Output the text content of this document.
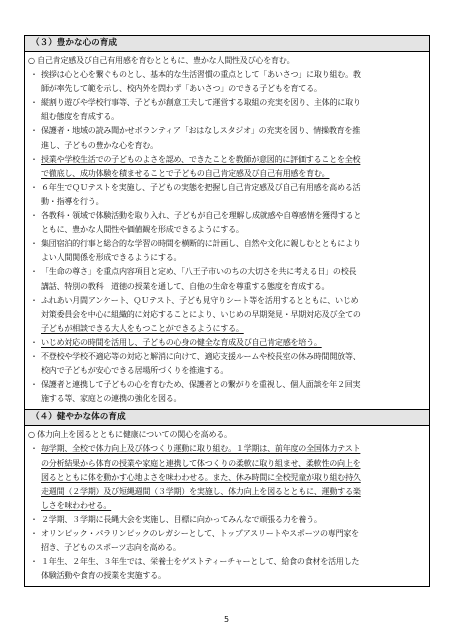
（３）豊かな心の育成
○ 自己肯定感及び自己有用感を育むとともに、豊かな人間性及び心を育む。
・ 挨拶は心と心を繋ぐものとし、基本的な生活習慣の重点として「あいさつ」に取り組む。教
師が率先して範を示し、校内外を問わず「あいさつ」のできる子どもを育てる。
・ 縦割り遊びや学校行事等、子どもが創意工夫して運営する取組の充実を図り、主体的に取り
組む態度を育成する。
・ 保護者・地域の読み聞かせボランティア「おはなしスタジオ」の充実を図り、情操教育を推
進し、子どもの豊かな心を育む。
・ 授業や学校生活での子どものよさを認め、できたことを教師が意図的に評価することを全校
で徹底し、成功体験を積ませることで子どもの自己肯定感及び自己有用感を育む。
・ ６年生でＱＵテストを実施し、子どもの実態を把握し自己肯定感及び自己有用感を高める活
動・指導を行う。
・ 各教科・領域で体験活動を取り入れ、子どもが自己を理解し成就感や自尊感情を獲得すると
ともに、豊かな人間性や価値観を形成できるようにする。
・ 集団宿泊的行事と総合的な学習の時間を横断的に計画し、自然や文化に親しむとともにより
よい人間関係を形成できるようにする。
・ 「生命の尊さ」を重点内容項目と定め、「八王子市いのちの大切さを共に考える日」の校長
講話、特別の教科　道徳の授業を通して、自他の生命を尊重する態度を育成する。
・ ふれあい月間アンケート、ＱＵテスト、子ども見守りシート等を活用するとともに、いじめ
対策委員会を中心に組織的に対応することにより、いじめの早期発見・早期対応及び全ての
子どもが相談できる大人をもつことができるようにする。
・ いじめ対応の時間を活用し、子どもの心身の健全な育成及び自己肯定感を培う。
・ 不登校や学校不適応等の対応と解消に向けて、適応支援ルームや校長室の休み時間開放等、
校内で子どもが安心できる居場所づくりを推進する。
・ 保護者と連携して子どもの心を育むため、保護者との繋がりを重視し、個人面談を年２回実
施する等、家庭との連携の強化を図る。
（４）健やかな体の育成
○ 体力向上を図るとともに健康についての関心を高める。
・ 毎学期、全校で体力向上及び体つくり運動に取り組む。１学期は、前年度の全国体力テスト
の分析結果から体育の授業や家庭と連携して体つくりの柔軟に取り組ませ、柔軟性の向上を
図るとともに体を動かす心地よさを味わわせる。また、休み時間に全校児童が取り組む持久
走週間（２学期）及び短縄週間（３学期）を実施し、体力向上を図るとともに、運動する楽
しさを味わわせる。
・ ２学期、３学期に長縄大会を実施し、目標に向かってみんなで頑張る力を養う。
・ オリンピック・パラリンピックのレガシーとして、トップアスリートやスポーツの専門家を
招き、子どものスポーツ志向を高める。
・ １年生、２年生、３年生では、栄養士をゲストティーチャーとして、給食の食材を活用した
体験活動や食育の授業を実施する。
5
